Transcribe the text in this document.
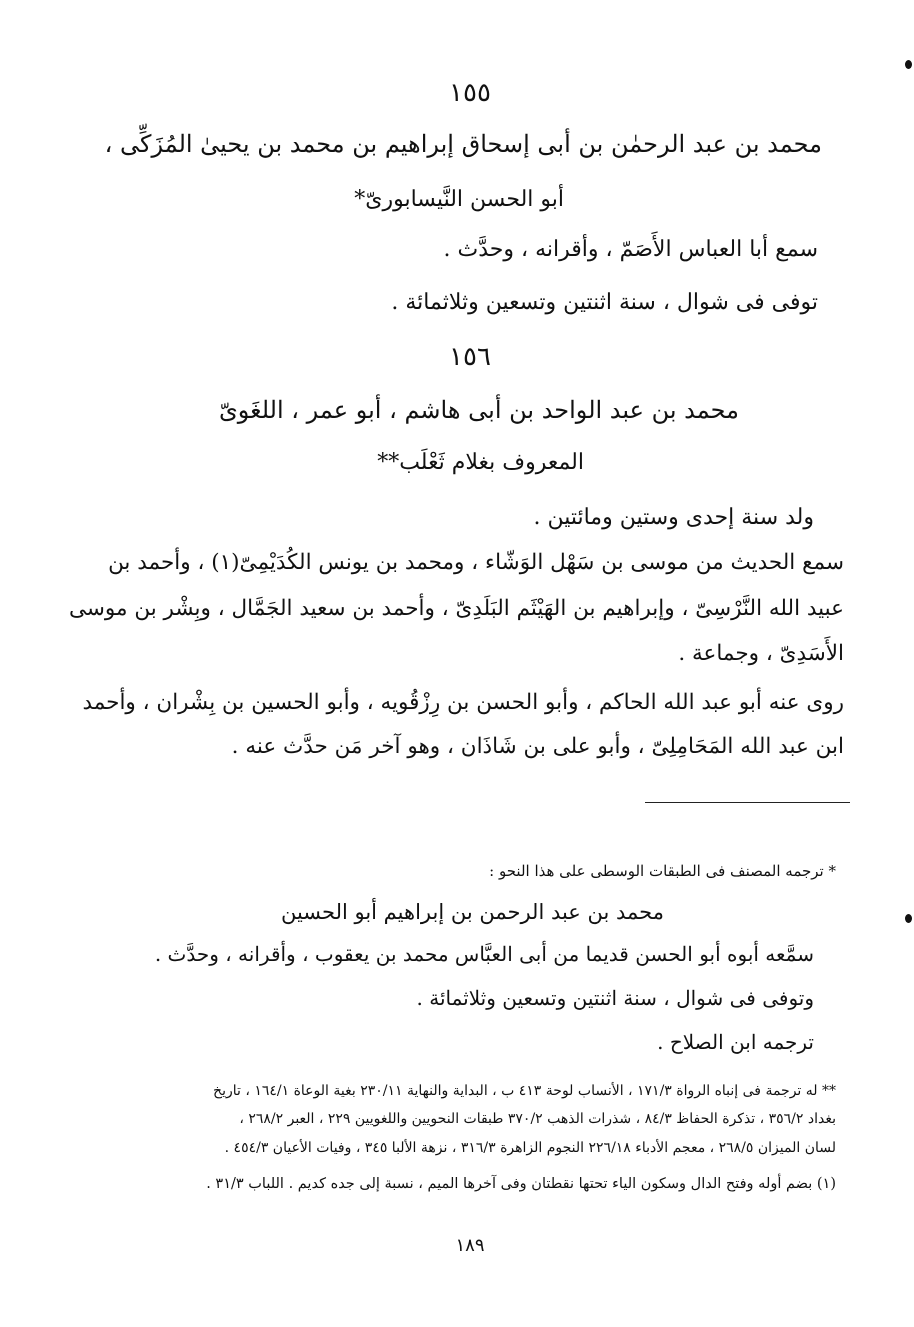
١٥٥
محمد بن عبد الرحمٰن بن أبى إسحاق إبراهيم بن محمد بن يحيىٰ المُزَكِّى ،
أبو الحسن النَّيسابورىّ*
سمع أبا العباس الأَصَمّ ، وأقرانه ، وحدَّث .
توفى فى شوال ، سنة اثنتين وتسعين وثلاثمائة .
١٥٦
محمد بن عبد الواحد بن أبى هاشم ، أبو عمر ، اللغَوىّ
المعروف بغلام ثَعْلَب**
ولد سنة إحدى وستين ومائتين .
سمع الحديث من موسى بن سَهْل الوَشّاء ، ومحمد بن يونس الكُدَيْمِىّ(١) ، وأحمد بن
عبيد الله النَّرْسِىّ ، وإبراهيم بن الهَيْثَم البَلَدِىّ ، وأحمد بن سعيد الجَمَّال ، وبِشْر بن موسى
الأَسَدِىّ ، وجماعة .
روى عنه أبو عبد الله الحاكم ، وأبو الحسن بن رِزْقُويه ، وأبو الحسين بن بِشْران ، وأحمد
ابن عبد الله المَحَامِلِىّ ، وأبو على بن شَاذَان ، وهو آخر مَن حدَّث عنه .
* ترجمه المصنف فى الطبقات الوسطى على هذا النحو :
محمد بن عبد الرحمن بن إبراهيم أبو الحسين
سمَّعه أبوه أبو الحسن قديما من أبى العبَّاس محمد بن يعقوب ، وأقرانه ، وحدَّث .
وتوفى فى شوال ، سنة اثنتين وتسعين وثلاثمائة .
ترجمه ابن الصلاح .
** له ترجمة فى إنباه الرواة ١٧١/٣ ، الأنساب لوحة ٤١٣ ب ، البداية والنهاية ٢٣٠/١١ بغية الوعاة ١٦٤/١ ، تاريخ
بغداد ٣٥٦/٢ ، تذكرة الحفاظ ٨٤/٣ ، شذرات الذهب ٣٧٠/٢ طبقات النحويين واللغويين ٢٢٩ ، العبر ٢٦٨/٢ ،
لسان الميزان ٢٦٨/٥ ، معجم الأدباء ٢٢٦/١٨ النجوم الزاهرة ٣١٦/٣ ، نزهة الألبا ٣٤٥ ، وفيات الأعيان ٤٥٤/٣ .
(١) بضم أوله وفتح الدال وسكون الياء تحتها نقطتان وفى آخرها الميم ، نسبة إلى جده كديم . اللباب ٣١/٣ .
١٨٩
